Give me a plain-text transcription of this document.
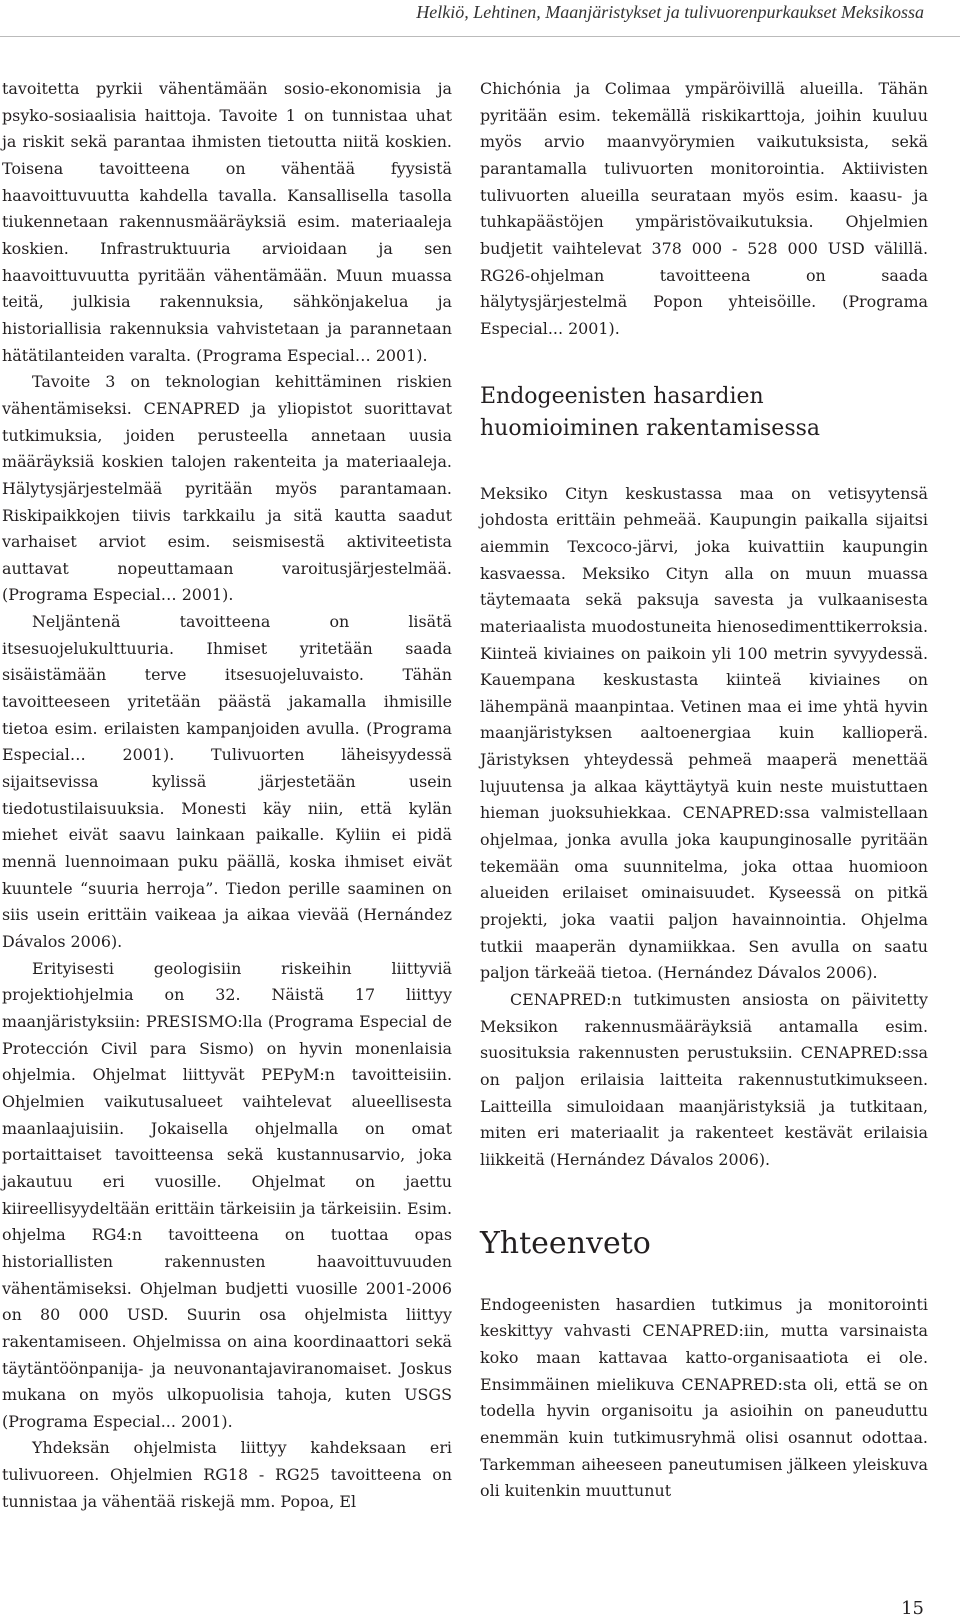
Helkiö, Lehtinen, Maanjäristykset ja tulivuorenpurkaukset Meksikossa

tavoitetta pyrkii vähentämään sosio-ekonomisia ja psyko-sosiaalisia haittoja. Tavoite 1 on tunnistaa uhat ja riskit sekä parantaa ihmisten tietoutta niitä koskien. Toisena tavoitteena on vähentää fyysistä haavoittuvuutta kahdella tavalla. Kansallisella tasolla tiukennetaan rakennusmääräyksiä esim. materiaaleja koskien. Infrastruktuuria arvioidaan ja sen haavoittuvuutta pyritään vähentämään. Muun muassa teitä, julkisia rakennuksia, sähkönjakelua ja historiallisia rakennuksia vahvistetaan ja parannetaan hätätilanteiden varalta. (Programa Especial… 2001).

Tavoite 3 on teknologian kehittäminen riskien vähentämiseksi. CENAPRED ja yliopistot suorittavat tutkimuksia, joiden perusteella annetaan uusia määräyksiä koskien talojen rakenteita ja materiaaleja. Hälytysjärjestelmää pyritään myös parantamaan. Riskipaikkojen tiivis tarkkailu ja sitä kautta saadut varhaiset arviot esim. seismisestä aktiviteetista auttavat nopeuttamaan varoitusjärjestelmää. (Programa Especial… 2001).

Neljäntenä tavoitteena on lisätä itsesuojelukulttuuria. Ihmiset yritetään saada sisäistämään terve itsesuojeluvaisto. Tähän tavoitteeseen yritetään päästä jakamalla ihmisille tietoa esim. erilaisten kampanjoiden avulla. (Programa Especial… 2001). Tulivuorten läheisyydessä sijaitsevissa kylissä järjestetään usein tiedotustilaisuuksia. Monesti käy niin, että kylän miehet eivät saavu lainkaan paikalle. Kyliin ei pidä mennä luennoimaan puku päällä, koska ihmiset eivät kuuntele “suuria herroja”. Tiedon perille saaminen on siis usein erittäin vaikeaa ja aikaa vievää (Hernández Dávalos 2006).

Erityisesti geologisiin riskeihin liittyviä projektiohjelmia on 32. Näistä 17 liittyy maanjäristyksiin: PRESISMO:lla (Programa Especial de Protección Civil para Sismo) on hyvin monenlaisia ohjelmia. Ohjelmat liittyvät PEPyM:n tavoitteisiin. Ohjelmien vaikutusalueet vaihtelevat alueellisesta maanlaajuisiin. Jokaisella ohjelmalla on omat portaittaiset tavoitteensa sekä kustannusarvio, joka jakautuu eri vuosille. Ohjelmat on jaettu kiireellisyydeltään erittäin tärkeisiin ja tärkeisiin. Esim. ohjelma RG4:n tavoitteena on tuottaa opas historiallisten rakennusten haavoittuvuuden vähentämiseksi. Ohjelman budjetti vuosille 2001-2006 on 80 000 USD. Suurin osa ohjelmista liittyy rakentamiseen. Ohjelmissa on aina koordinaattori sekä täytäntöönpanija- ja neuvonantajaviranomaiset. Joskus mukana on myös ulkopuolisia tahoja, kuten USGS (Programa Especial... 2001).

Yhdeksän ohjelmista liittyy kahdeksaan eri tulivuoreen. Ohjelmien RG18 - RG25 tavoitteena on tunnistaa ja vähentää riskejä mm. Popoa, El

Chichónia ja Colimaa ympäröivillä alueilla. Tähän pyritään esim. tekemällä riskikarttoja, joihin kuuluu myös arvio maanvyörymien vaikutuksista, sekä parantamalla tulivuorten monitorointia. Aktiivisten tulivuorten alueilla seurataan myös esim. kaasu- ja tuhkapäästöjen ympäristövaikutuksia. Ohjelmien budjetit vaihtelevat 378 000 - 528 000 USD välillä. RG26-ohjelman tavoitteena on saada hälytysjärjestelmä Popon yhteisöille. (Programa Especial... 2001).

Endogeenisten hasardien huomioiminen rakentamisessa

Meksiko Cityn keskustassa maa on vetisyytensä johdosta erittäin pehmeää. Kaupungin paikalla sijaitsi aiemmin Texcoco-järvi, joka kuivattiin kaupungin kasvaessa. Meksiko Cityn alla on muun muassa täytemaata sekä paksuja savesta ja vulkaanisesta materiaalista muodostuneita hienosedimenttikerroksia. Kiinteä kiviaines on paikoin yli 100 metrin syvyydessä. Kauempana keskustasta kiinteä kiviaines on lähempänä maanpintaa. Vetinen maa ei ime yhtä hyvin maanjäristyksen aaltoenergiaa kuin kallioperä. Järistyksen yhteydessä pehmeä maaperä menettää lujuutensa ja alkaa käyttäytyä kuin neste muistuttaen hieman juoksuhiekkaa. CENAPRED:ssa valmistellaan ohjelmaa, jonka avulla joka kaupunginosalle pyritään tekemään oma suunnitelma, joka ottaa huomioon alueiden erilaiset ominaisuudet. Kyseessä on pitkä projekti, joka vaatii paljon havainnointia. Ohjelma tutkii maaperän dynamiikkaa. Sen avulla on saatu paljon tärkeää tietoa. (Hernández Dávalos 2006).

CENAPRED:n tutkimusten ansiosta on päivitetty Meksikon rakennusmääräyksiä antamalla esim. suosituksia rakennusten perustuksiin. CENAPRED:ssa on paljon erilaisia laitteita rakennustutkimukseen. Laitteilla simuloidaan maanjäristyksiä ja tutkitaan, miten eri materiaalit ja rakenteet kestävät erilaisia liikkeitä (Hernández Dávalos 2006).

Yhteenveto

Endogeenisten hasardien tutkimus ja monitorointi keskittyy vahvasti CENAPRED:iin, mutta varsinaista koko maan kattavaa katto-organisaatiota ei ole. Ensimmäinen mielikuva CENAPRED:sta oli, että se on todella hyvin organisoitu ja asioihin on paneuduttu enemmän kuin tutkimusryhmä olisi osannut odottaa. Tarkemman aiheeseen paneutumisen jälkeen yleiskuva oli kuitenkin muuttunut

15
